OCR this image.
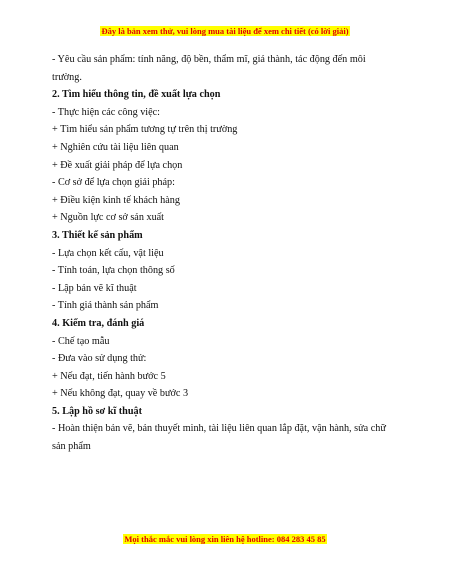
Đây là bản xem thử, vui lòng mua tài liệu để xem chi tiết (có lời giải)
- Yêu cầu sản phẩm: tính năng, độ bền, thẩm mĩ, giá thành, tác động đến môi trường.
2. Tìm hiểu thông tin, đề xuất lựa chọn
- Thực hiện các công việc:
+ Tìm hiểu sản phẩm tương tự trên thị trường
+ Nghiên cứu tài liệu liên quan
+ Đề xuất giải pháp để lựa chọn
- Cơ sở để lựa chọn giải pháp:
+ Điều kiện kinh tế khách hàng
+ Nguồn lực cơ sở sản xuất
3. Thiết kế sản phẩm
- Lựa chọn kết cấu, vật liệu
- Tính toán, lựa chọn thông số
- Lập bản vẽ kĩ thuật
- Tính giá thành sản phẩm
4. Kiểm tra, đánh giá
- Chế tạo mẫu
- Đưa vào sử dụng thử:
+ Nếu đạt, tiến hành bước 5
+ Nếu không đạt, quay về bước 3
5. Lập hồ sơ kĩ thuật
- Hoàn thiện bản vẽ, bản thuyết minh, tài liệu liên quan lắp đặt, vận hành, sửa chữ sản phẩm
Mọi thắc mắc vui lòng xin liên hệ hotline: 084 283 45 85
